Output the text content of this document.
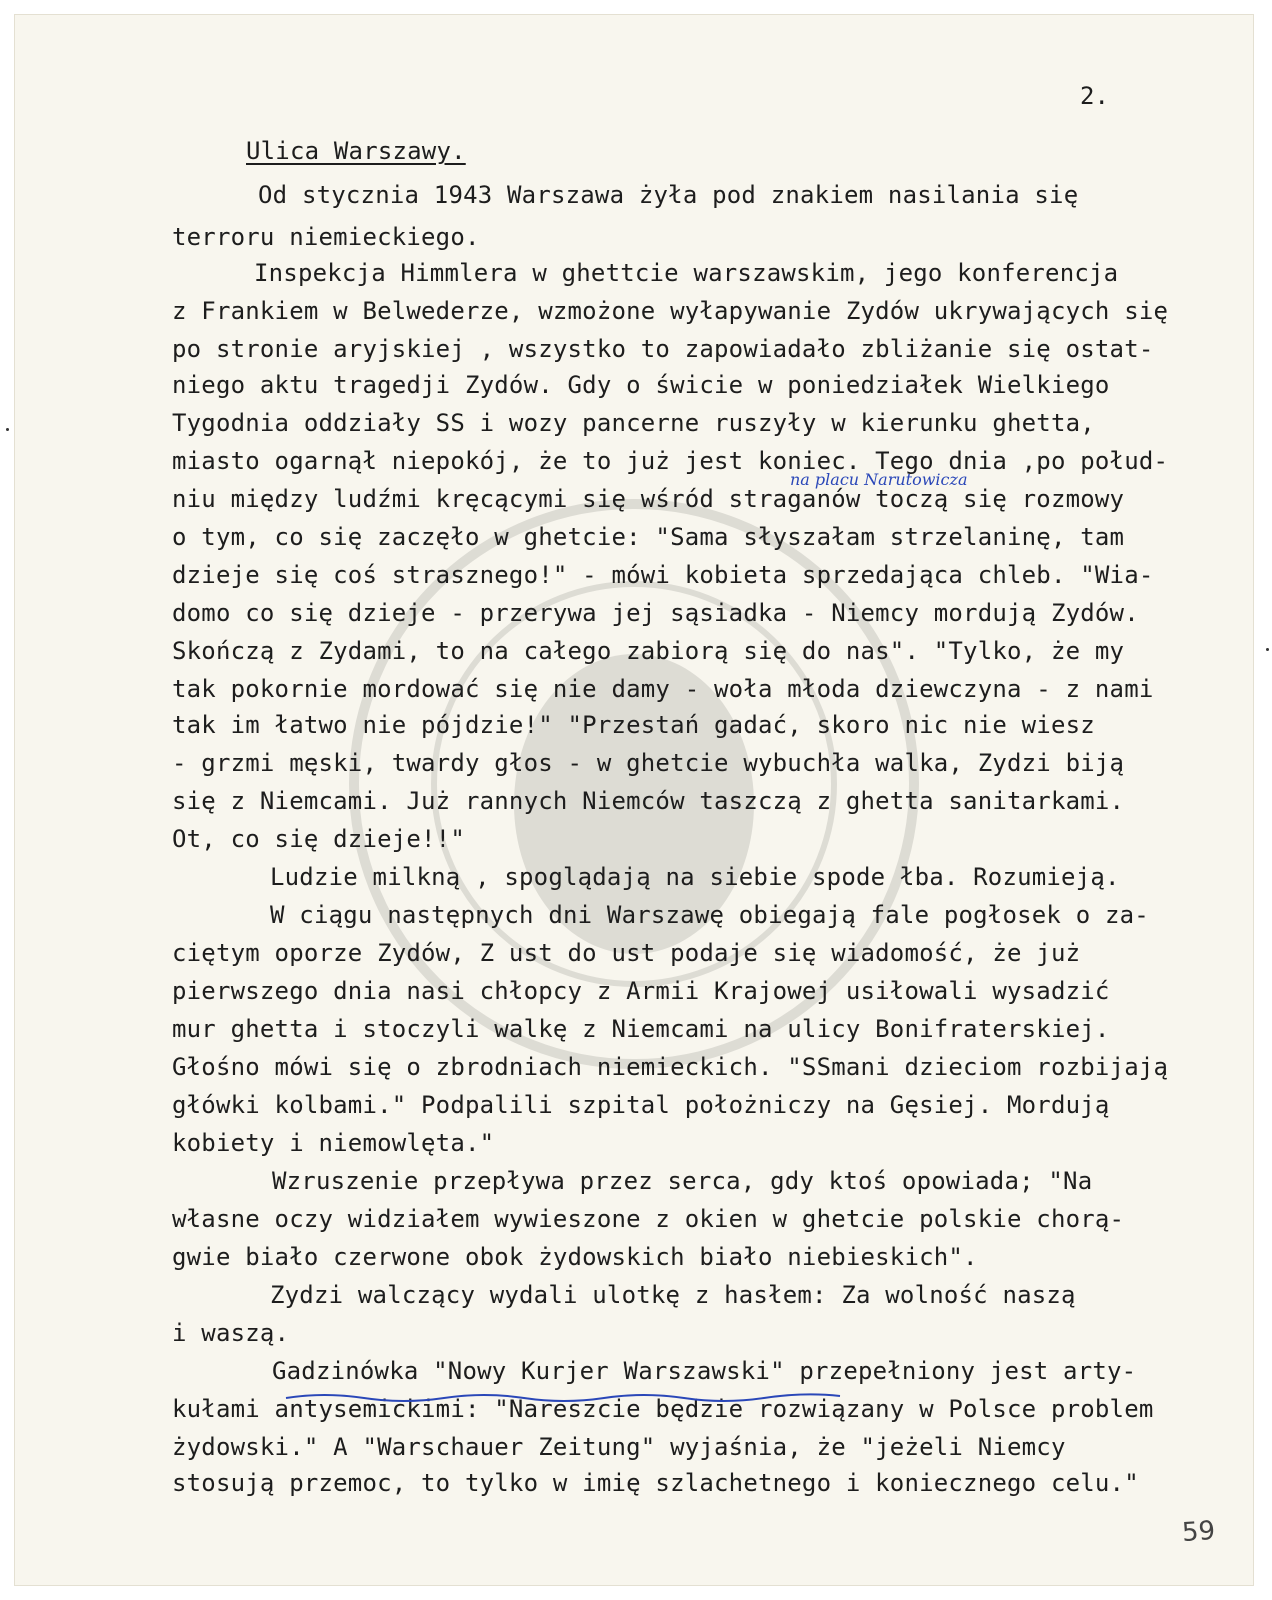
2.
Ulica Warszawy.
Od stycznia 1943 Warszawa żyła pod znakiem nasilania się
terroru niemieckiego.
Inspekcja Himmlera w ghettcie warszawskim, jego konferencja
z Frankiem w Belwederze, wzmożone wyłapywanie Zydów ukrywających się
po stronie aryjskiej , wszystko to zapowiadało zbliżanie się ostat-
niego aktu tragedji Zydów. Gdy o świcie w poniedziałek Wielkiego
Tygodnia oddziały SS i wozy pancerne ruszyły w kierunku ghetta,
miasto ogarnął niepokój, że to już jest koniec. Tego dnia ,po połud-
niu między ludźmi kręcącymi się wśród straganów toczą się rozmowy
o tym, co się zaczęło w ghetcie: "Sama słyszałam strzelaninę, tam
dzieje się coś strasznego!" - mówi kobieta sprzedająca chleb. "Wia-
domo co się dzieje - przerywa jej sąsiadka - Niemcy mordują Zydów.
Skończą z Zydami, to na całego zabiorą się do nas". "Tylko, że my
tak pokornie mordować się nie damy - woła młoda dziewczyna - z nami
tak im łatwo nie pójdzie!" "Przestań gadać, skoro nic nie wiesz
- grzmi męski, twardy głos - w ghetcie wybuchła walka, Zydzi biją
się z Niemcami. Już rannych Niemców taszczą z ghetta sanitarkami.
Ot, co się dzieje!!"
Ludzie milkną , spoglądają na siebie spode łba. Rozumieją.
W ciągu następnych dni Warszawę obiegają fale pogłosek o za-
ciętym oporze Zydów, Z ust do ust podaje się wiadomość, że już
pierwszego dnia nasi chłopcy z Armii Krajowej usiłowali wysadzić
mur ghetta i stoczyli walkę z Niemcami na ulicy Bonifraterskiej.
Głośno mówi się o zbrodniach niemieckich. "SSmani dzieciom rozbijają
główki kolbami." Podpalili szpital położniczy na Gęsiej. Mordują
kobiety i niemowlęta."
Wzruszenie przepływa przez serca, gdy ktoś opowiada; "Na
własne oczy widziałem wywieszone z okien w ghetcie polskie chorą-
gwie biało czerwone obok żydowskich biało niebieskich".
Zydzi walczący wydali ulotkę z hasłem: Za wolność naszą
i waszą.
Gadzinówka "Nowy Kurjer Warszawski" przepełniony jest arty-
kułami antysemickimi: "Nareszcie będzie rozwiązany w Polsce problem
żydowski." A "Warschauer Zeitung" wyjaśnia, że "jeżeli Niemcy
stosują przemoc, to tylko w imię szlachetnego i koniecznego celu."
na placu Narutowicza
59
